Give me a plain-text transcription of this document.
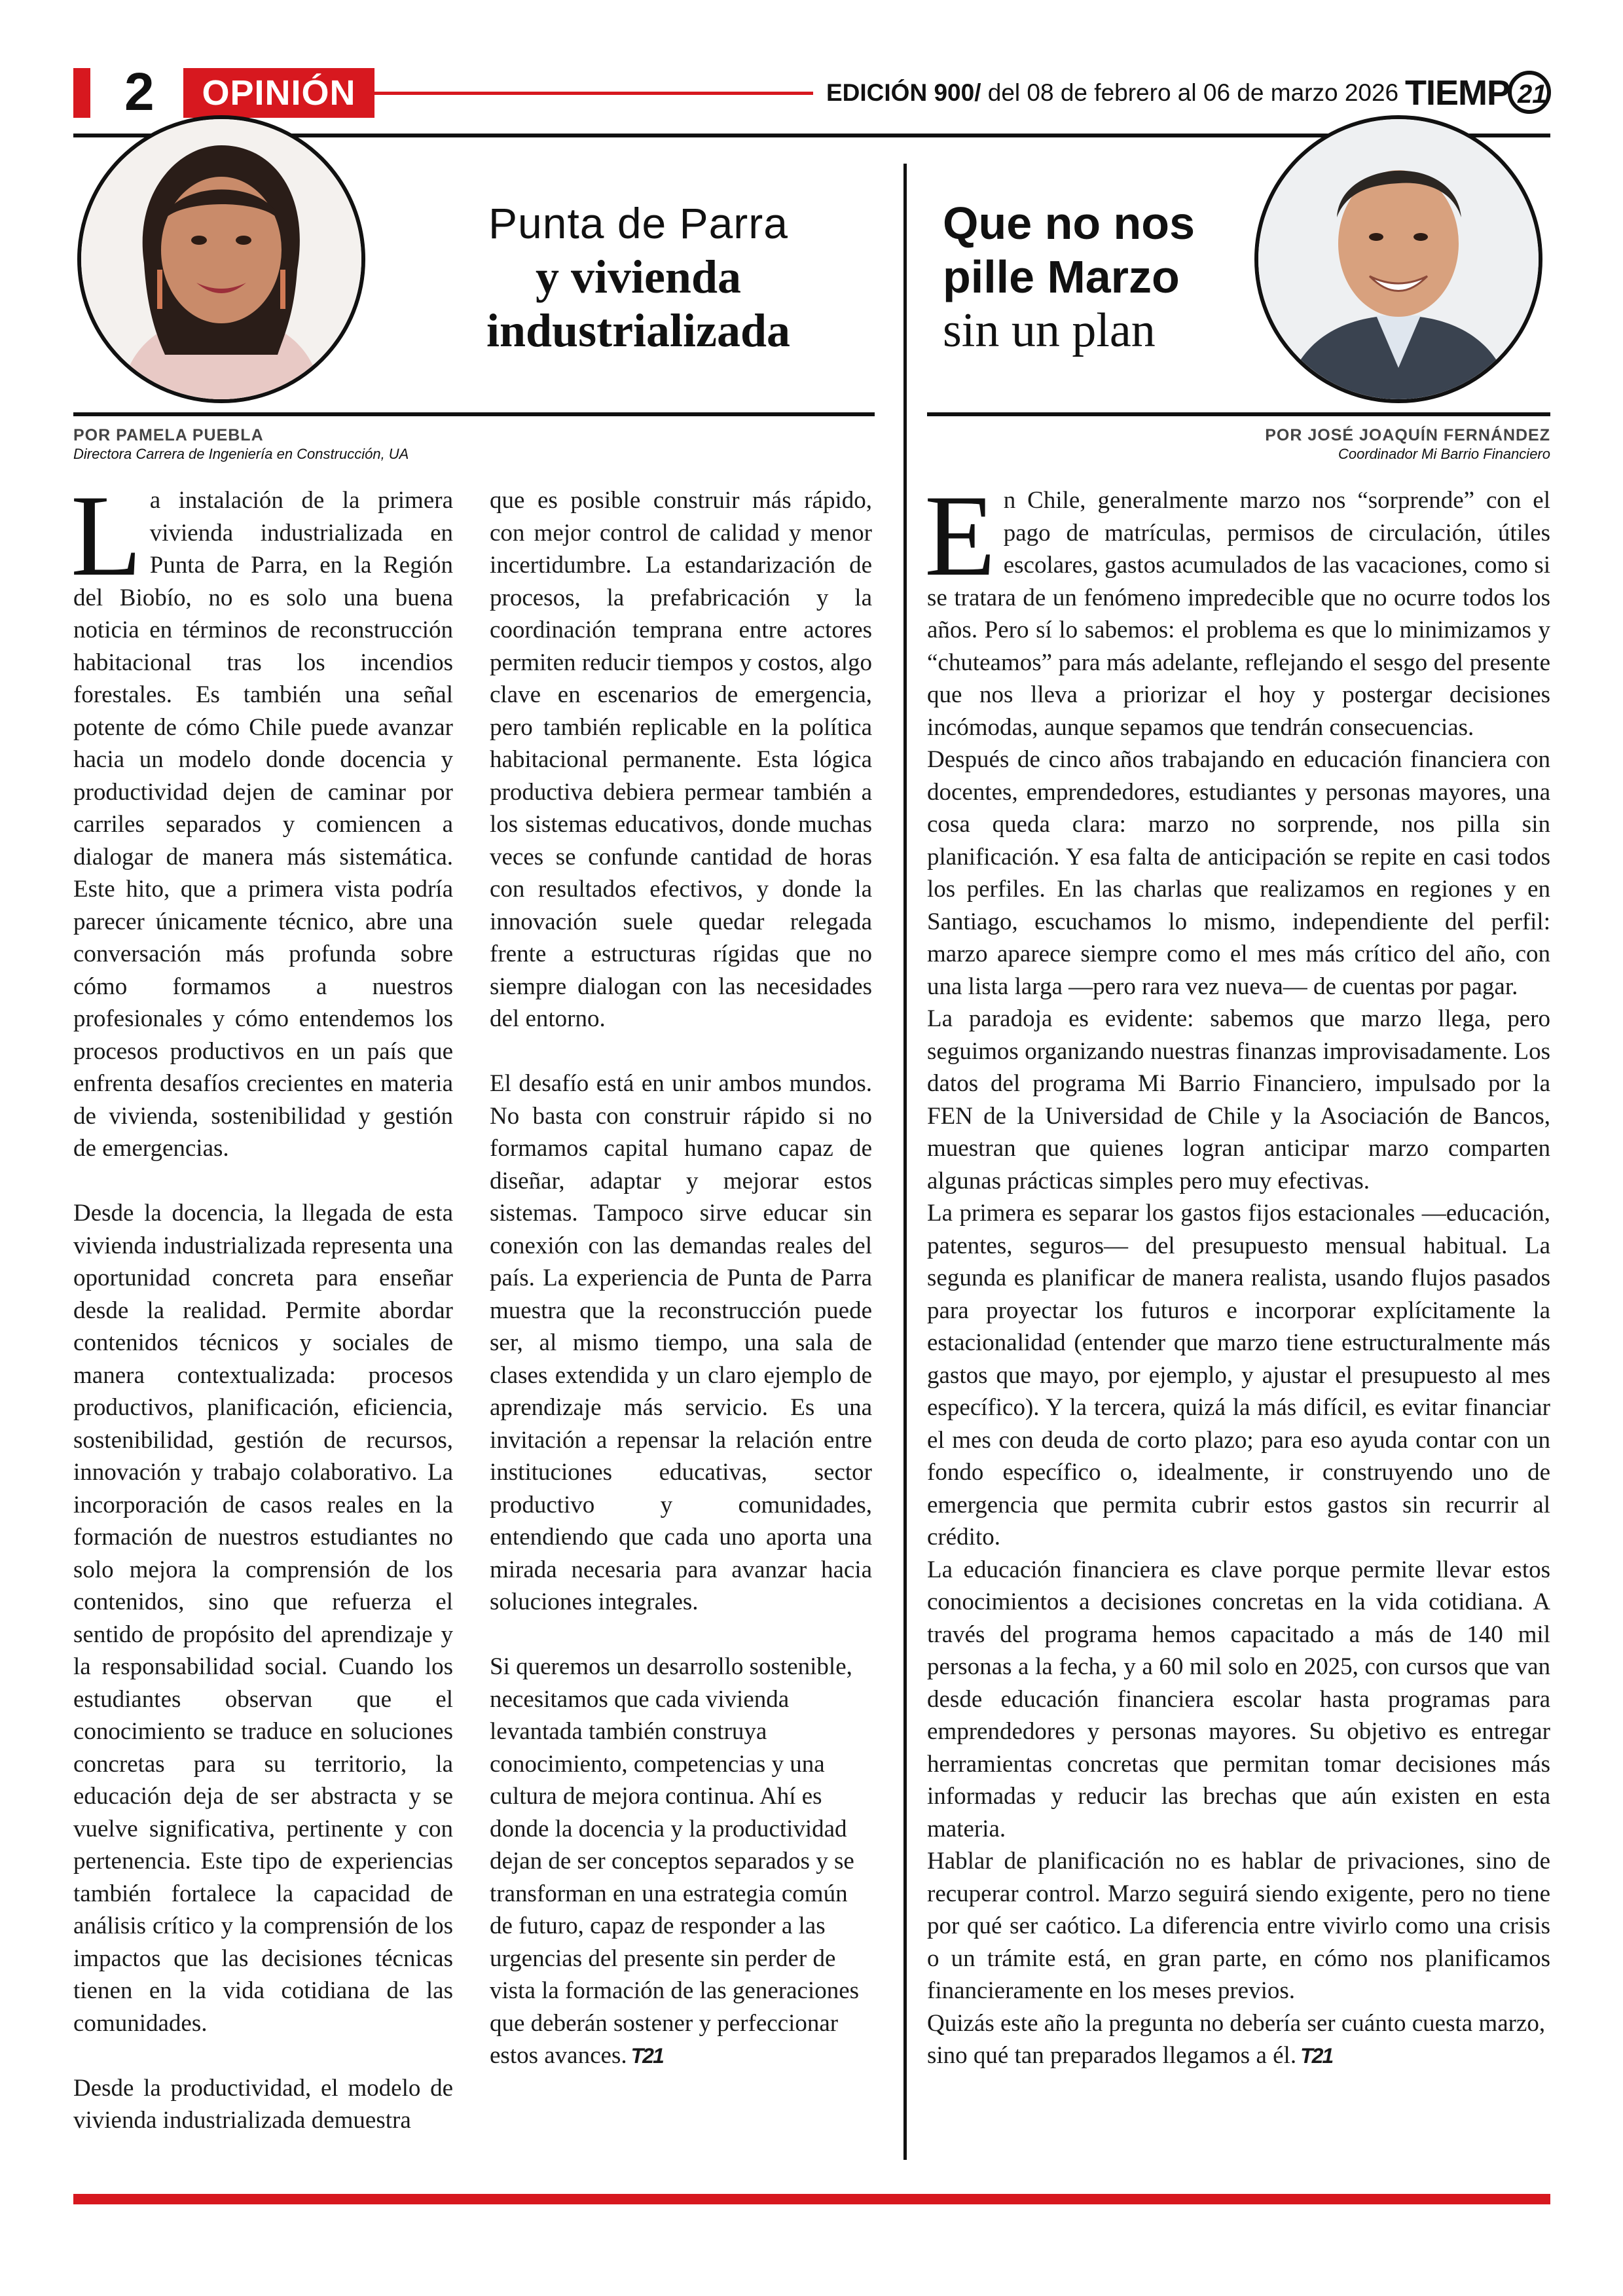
2	OPINIÓN	EDICIÓN 900/ del 08 de febrero al 06 de marzo 2026 TIEMP 21
Punta de Parra
y vivienda
industrializada
Que no nos
pille Marzo
sin un plan
POR PAMELA PUEBLA
Directora Carrera de Ingeniería en Construcción, UA
POR JOSÉ JOAQUÍN FERNÁNDEZ
Coordinador Mi Barrio Financiero

La instalación de la primera vivienda industrializada en Punta de Parra, en la Región del Biobío, no es solo una buena noticia en términos de reconstrucción habitacional tras los incendios forestales. Es también una señal potente de cómo Chile puede avanzar hacia un modelo donde docencia y productividad dejen de caminar por carriles separados y comiencen a dialogar de manera más sistemática. Este hito, que a primera vista podría parecer únicamente técnico, abre una conversación más profunda sobre cómo formamos a nuestros profesionales y cómo entendemos los procesos productivos en un país que enfrenta desafíos crecientes en materia de vivienda, sostenibilidad y gestión de emergencias.

Desde la docencia, la llegada de esta vivienda industrializada representa una oportunidad concreta para enseñar desde la realidad. Permite abordar contenidos técnicos y sociales de manera contextualizada: procesos productivos, planificación, eficiencia, sostenibilidad, gestión de recursos, innovación y trabajo colaborativo. La incorporación de casos reales en la formación de nuestros estudiantes no solo mejora la comprensión de los contenidos, sino que refuerza el sentido de propósito del aprendizaje y la responsabilidad social. Cuando los estudiantes observan que el conocimiento se traduce en soluciones concretas para su territorio, la educación deja de ser abstracta y se vuelve significativa, pertinente y con pertenencia. Este tipo de experiencias también fortalece la capacidad de análisis crítico y la comprensión de los impactos que las decisiones técnicas tienen en la vida cotidiana de las comunidades.

Desde la productividad, el modelo de vivienda industrializada demuestra

que es posible construir más rápido, con mejor control de calidad y menor incertidumbre. La estandarización de procesos, la prefabricación y la coordinación temprana entre actores permiten reducir tiempos y costos, algo clave en escenarios de emergencia, pero también replicable en la política habitacional permanente. Esta lógica productiva debiera permear también a los sistemas educativos, donde muchas veces se confunde cantidad de horas con resultados efectivos, y donde la innovación suele quedar relegada frente a estructuras rígidas que no siempre dialogan con las necesidades del entorno.

El desafío está en unir ambos mundos. No basta con construir rápido si no formamos capital humano capaz de diseñar, adaptar y mejorar estos sistemas. Tampoco sirve educar sin conexión con las demandas reales del país. La experiencia de Punta de Parra muestra que la reconstrucción puede ser, al mismo tiempo, una sala de clases extendida y un claro ejemplo de aprendizaje más servicio. Es una invitación a repensar la relación entre instituciones educativas, sector productivo y comunidades, entendiendo que cada uno aporta una mirada necesaria para avanzar hacia soluciones integrales.

Si queremos un desarrollo sostenible, necesitamos que cada vivienda levantada también construya conocimiento, competencias y una cultura de mejora continua. Ahí es donde la docencia y la productividad dejan de ser conceptos separados y se transforman en una estrategia común de futuro, capaz de responder a las urgencias del presente sin perder de vista la formación de las generaciones que deberán sostener y perfeccionar estos avances. T21

En Chile, generalmente marzo nos “sorprende” con el pago de matrículas, permisos de circulación, útiles escolares, gastos acumulados de las vacaciones, como si se tratara de un fenómeno impredecible que no ocurre todos los años. Pero sí lo sabemos: el problema es que lo minimizamos y “chuteamos” para más adelante, reflejando el sesgo del presente que nos lleva a priorizar el hoy y postergar decisiones incómodas, aunque sepamos que tendrán consecuencias.

Después de cinco años trabajando en educación financiera con docentes, emprendedores, estudiantes y personas mayores, una cosa queda clara: marzo no sorprende, nos pilla sin planificación. Y esa falta de anticipación se repite en casi todos los perfiles. En las charlas que realizamos en regiones y en Santiago, escuchamos lo mismo, independiente del perfil: marzo aparece siempre como el mes más crítico del año, con una lista larga —pero rara vez nueva— de cuentas por pagar.

La paradoja es evidente: sabemos que marzo llega, pero seguimos organizando nuestras finanzas improvisadamente. Los datos del programa Mi Barrio Financiero, impulsado por la FEN de la Universidad de Chile y la Asociación de Bancos, muestran que quienes logran anticipar marzo comparten algunas prácticas simples pero muy efectivas.

La primera es separar los gastos fijos estacionales —educación, patentes, seguros— del presupuesto mensual habitual. La segunda es planificar de manera realista, usando flujos pasados para proyectar los futuros e incorporar explícitamente la estacionalidad (entender que marzo tiene estructuralmente más gastos que mayo, por ejemplo, y ajustar el presupuesto al mes específico). Y la tercera, quizá la más difícil, es evitar financiar el mes con deuda de corto plazo; para eso ayuda contar con un fondo específico o, idealmente, ir construyendo uno de emergencia que permita cubrir estos gastos sin recurrir al crédito.

La educación financiera es clave porque permite llevar estos conocimientos a decisiones concretas en la vida cotidiana. A través del programa hemos capacitado a más de 140 mil personas a la fecha, y a 60 mil solo en 2025, con cursos que van desde educación financiera escolar hasta programas para emprendedores y personas mayores. Su objetivo es entregar herramientas concretas que permitan tomar decisiones más informadas y reducir las brechas que aún existen en esta materia.

Hablar de planificación no es hablar de privaciones, sino de recuperar control. Marzo seguirá siendo exigente, pero no tiene por qué ser caótico. La diferencia entre vivirlo como una crisis o un trámite está, en gran parte, en cómo nos planificamos financieramente en los meses previos.

Quizás este año la pregunta no debería ser cuánto cuesta marzo, sino qué tan preparados llegamos a él. T21
